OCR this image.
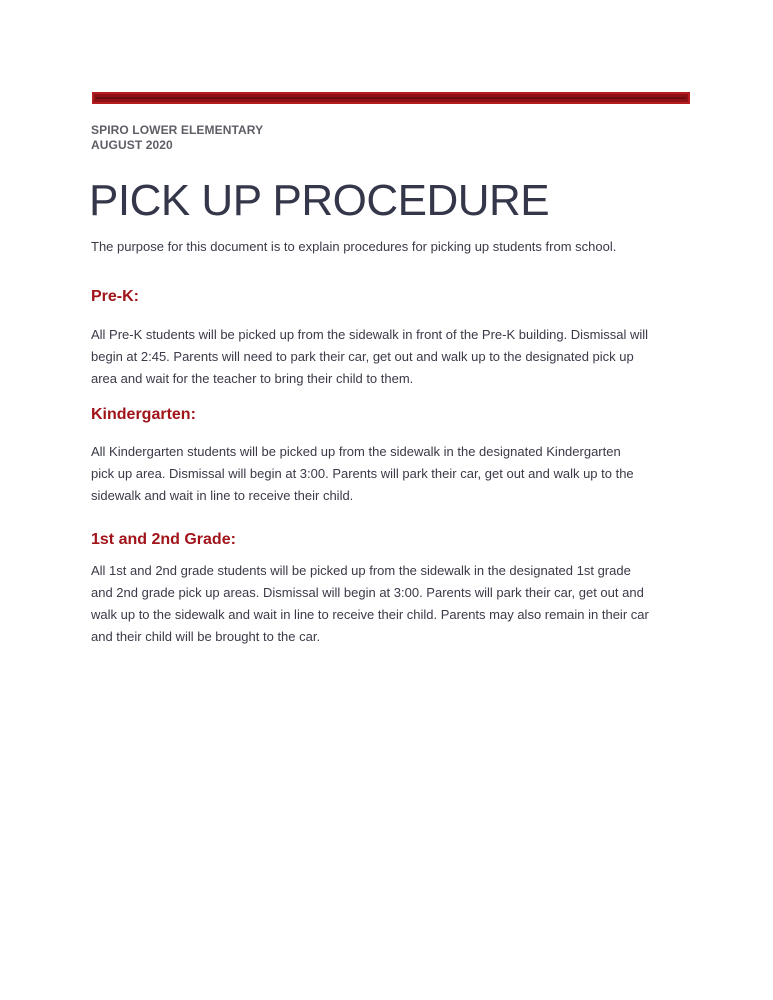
SPIRO LOWER ELEMENTARY
AUGUST 2020
PICK UP PROCEDURE
The purpose for this document is to explain procedures for picking up students from school.
Pre-K:
All Pre-K students will be picked up from the sidewalk in front of the Pre-K building. Dismissal will
begin at 2:45. Parents will need to park their car, get out and walk up to the designated pick up
area and wait for the teacher to bring their child to them.
Kindergarten:
All Kindergarten students will be picked up from the sidewalk in the designated Kindergarten
pick up area. Dismissal will begin at 3:00. Parents will park their car, get out and walk up to the
sidewalk and wait in line to receive their child.
1st and 2nd Grade:
All 1st and 2nd grade students will be picked up from the sidewalk in the designated 1st grade
and 2nd grade pick up areas. Dismissal will begin at 3:00. Parents will park their car, get out and
walk up to the sidewalk and wait in line to receive their child. Parents may also remain in their car
and their child will be brought to the car.
